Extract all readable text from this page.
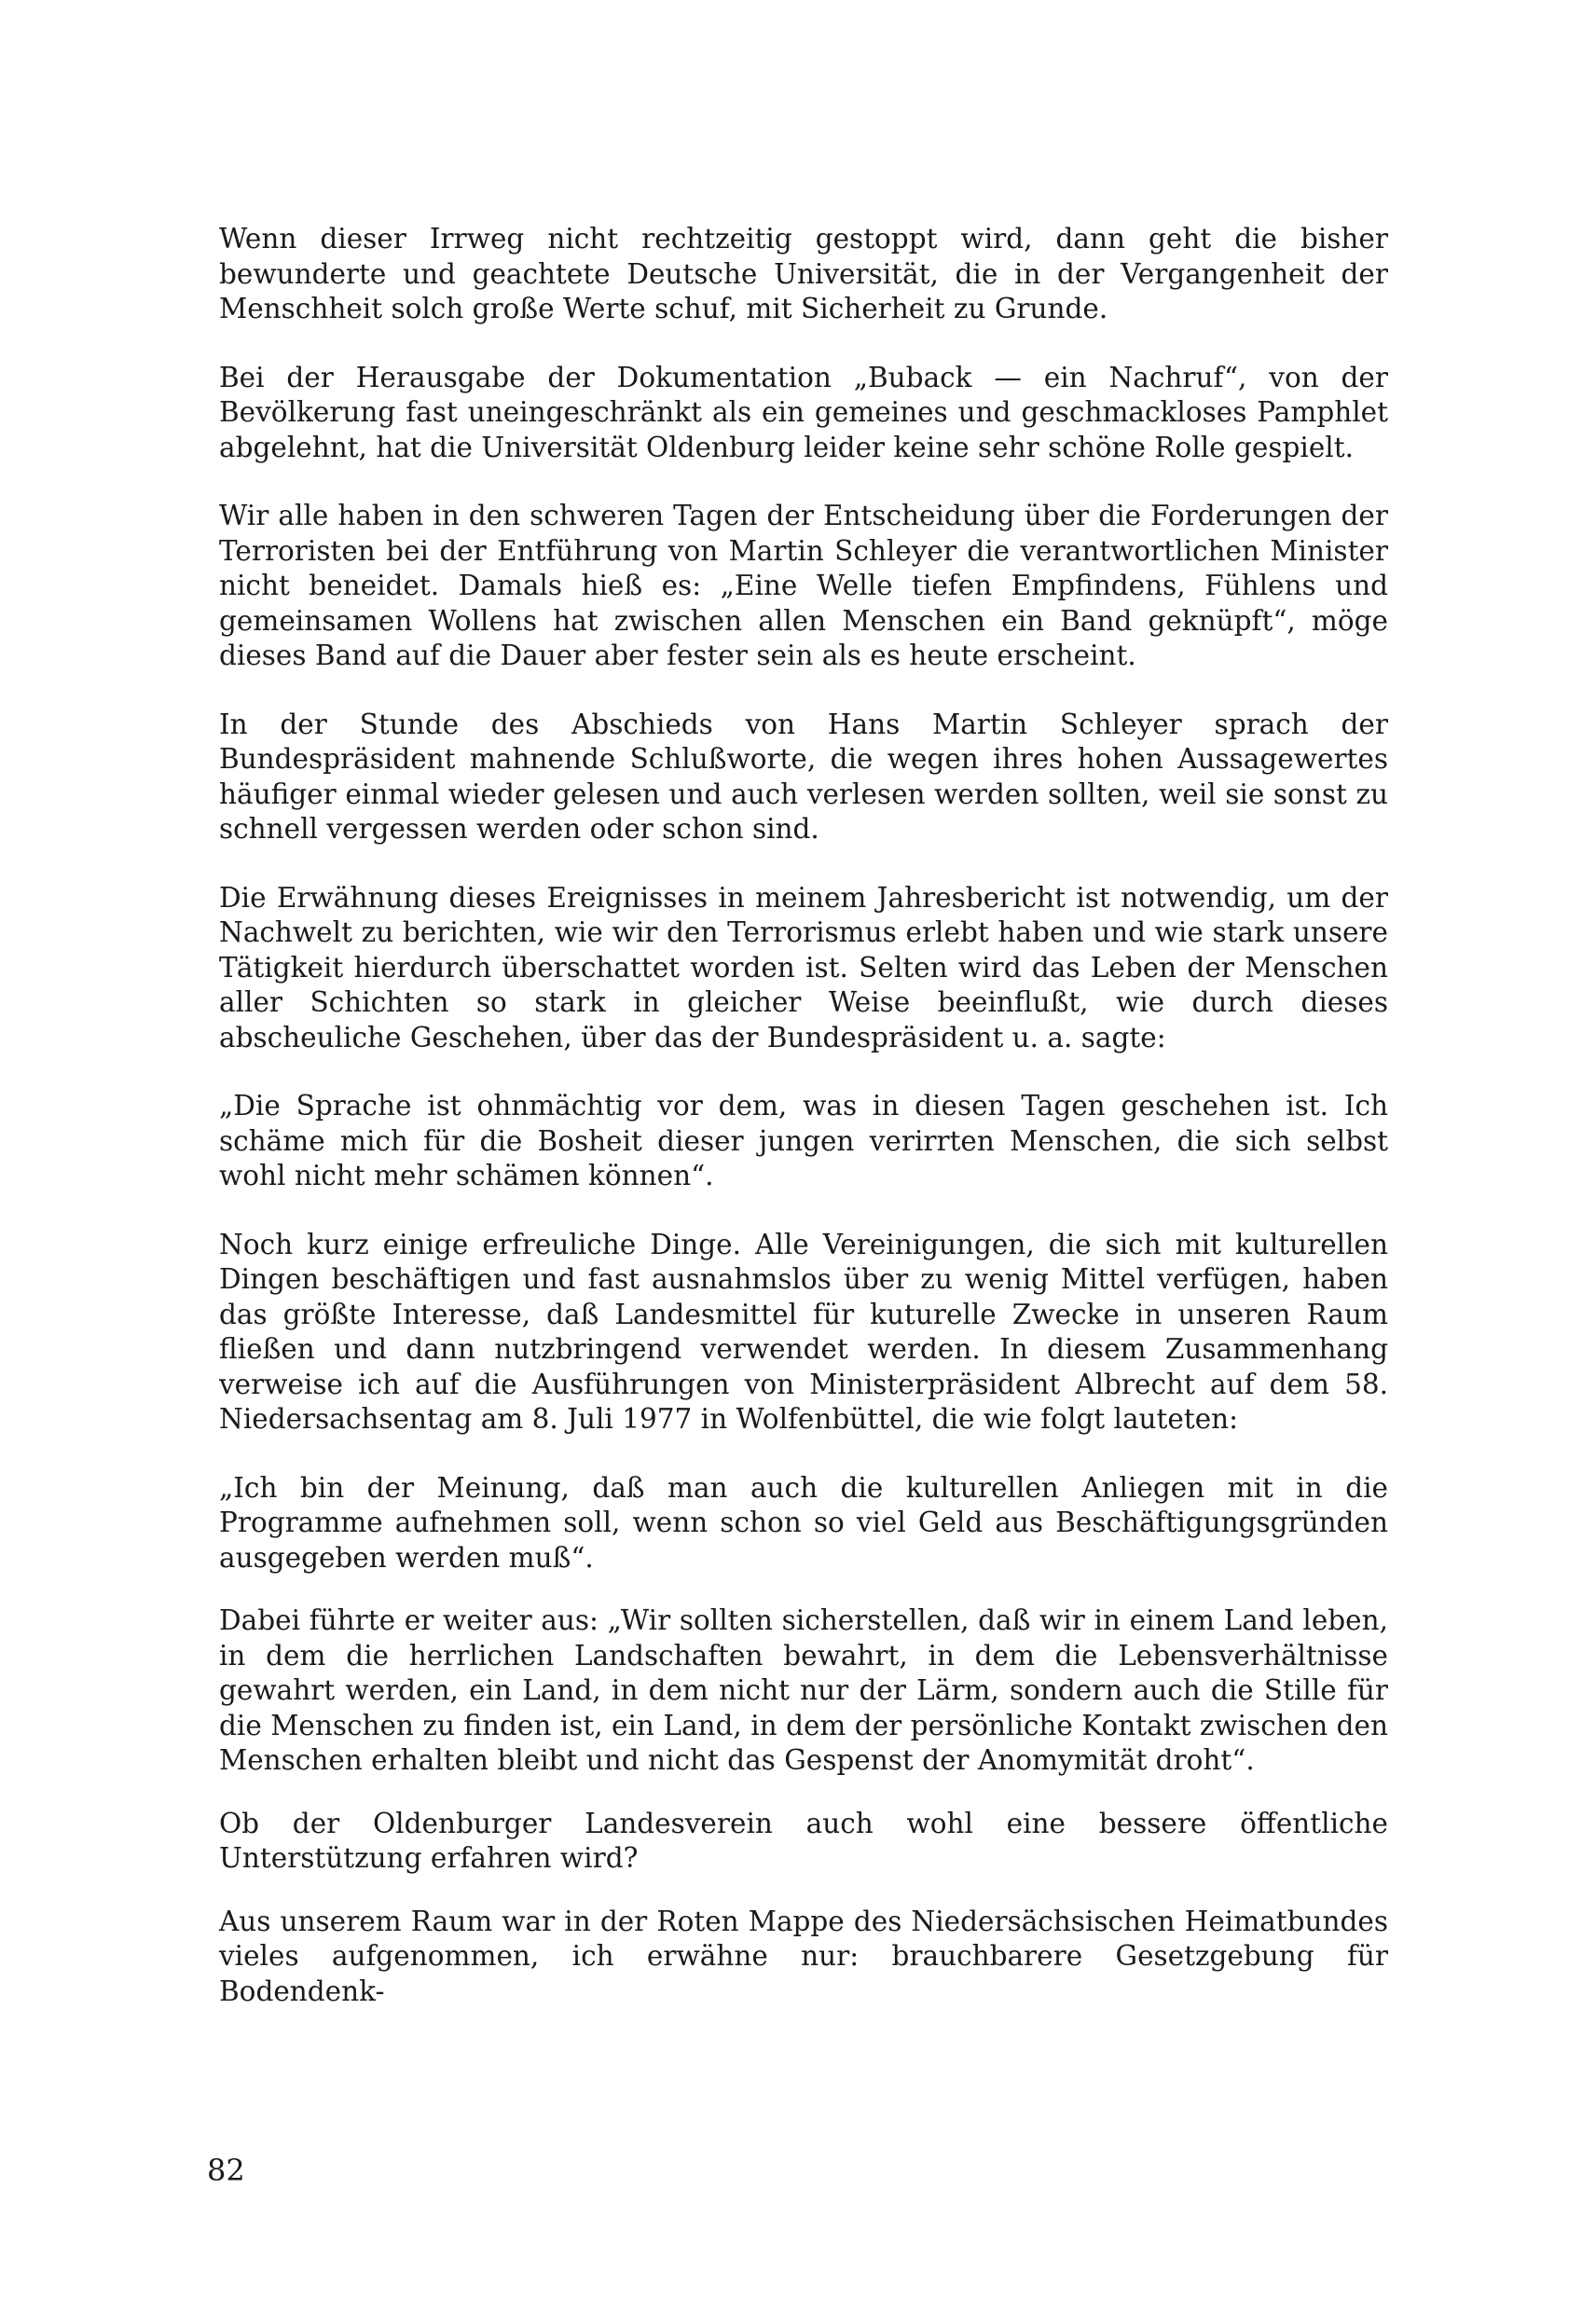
Wenn dieser Irrweg nicht rechtzeitig gestoppt wird, dann geht die bisher bewunderte und geachtete Deutsche Universität, die in der Vergangenheit der Menschheit solch große Werte schuf, mit Sicherheit zu Grunde.

Bei der Herausgabe der Dokumentation „Buback — ein Nachruf“, von der Bevölkerung fast uneingeschränkt als ein gemeines und geschmackloses Pamphlet abgelehnt, hat die Universität Oldenburg leider keine sehr schöne Rolle gespielt.

Wir alle haben in den schweren Tagen der Entscheidung über die Forderungen der Terroristen bei der Entführung von Martin Schleyer die verantwortlichen Minister nicht beneidet. Damals hieß es: „Eine Welle tiefen Empfindens, Fühlens und gemeinsamen Wollens hat zwischen allen Menschen ein Band geknüpft“, möge dieses Band auf die Dauer aber fester sein als es heute erscheint.

In der Stunde des Abschieds von Hans Martin Schleyer sprach der Bundespräsident mahnende Schlußworte, die wegen ihres hohen Aussagewertes häufiger einmal wieder gelesen und auch verlesen werden sollten, weil sie sonst zu schnell vergessen werden oder schon sind.

Die Erwähnung dieses Ereignisses in meinem Jahresbericht ist notwendig, um der Nachwelt zu berichten, wie wir den Terrorismus erlebt haben und wie stark unsere Tätigkeit hierdurch überschattet worden ist. Selten wird das Leben der Menschen aller Schichten so stark in gleicher Weise beeinflußt, wie durch dieses abscheuliche Geschehen, über das der Bundespräsident u. a. sagte:

„Die Sprache ist ohnmächtig vor dem, was in diesen Tagen geschehen ist. Ich schäme mich für die Bosheit dieser jungen verirrten Menschen, die sich selbst wohl nicht mehr schämen können“.

Noch kurz einige erfreuliche Dinge. Alle Vereinigungen, die sich mit kulturellen Dingen beschäftigen und fast ausnahmslos über zu wenig Mittel verfügen, haben das größte Interesse, daß Landesmittel für kuturelle Zwecke in unseren Raum fließen und dann nutzbringend verwendet werden. In diesem Zusammenhang verweise ich auf die Ausführungen von Ministerpräsident Albrecht auf dem 58. Niedersachsentag am 8. Juli 1977 in Wolfenbüttel, die wie folgt lauteten:

„Ich bin der Meinung, daß man auch die kulturellen Anliegen mit in die Programme aufnehmen soll, wenn schon so viel Geld aus Beschäftigungsgründen ausgegeben werden muß“.

Dabei führte er weiter aus: „Wir sollten sicherstellen, daß wir in einem Land leben, in dem die herrlichen Landschaften bewahrt, in dem die Lebensverhältnisse gewahrt werden, ein Land, in dem nicht nur der Lärm, sondern auch die Stille für die Menschen zu finden ist, ein Land, in dem der persönliche Kontakt zwischen den Menschen erhalten bleibt und nicht das Gespenst der Anomymität droht“.

Ob der Oldenburger Landesverein auch wohl eine bessere öffentliche Unterstützung erfahren wird?

Aus unserem Raum war in der Roten Mappe des Niedersächsischen Heimatbundes vieles aufgenommen, ich erwähne nur: brauchbarere Gesetzgebung für Bodendenk-

82
